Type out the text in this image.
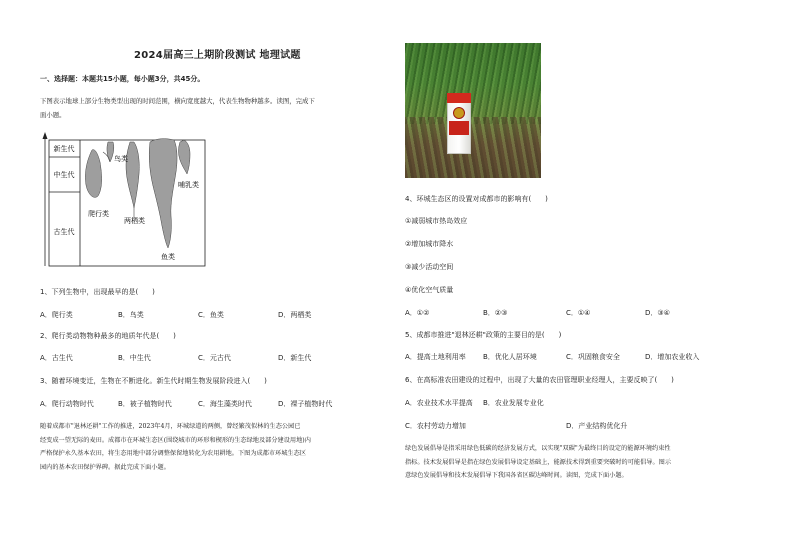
2024届高三上期阶段测试 地理试题
一、选择题：本题共15小题，每小题3分，共45分。
下图表示地球上部分生物类型出现的时间范围，横向宽度越大，代表生物物种越多。读图，完成下
面小题。
新生代
中生代
古生代
鸟类
哺乳类
爬行类
两栖类
鱼类
1、下列生物中，出现最早的是(　　)
A．爬行类	B．鸟类	C．鱼类	D．两栖类
2、爬行类动物物种最多的地质年代是(　　)
A．古生代	B．中生代	C．元古代	D．新生代
3、随着环境变迁，生物在不断进化。新生代时期生物发展阶段进入(　　)
A．爬行动物时代	B．被子植物时代	C．海生藻类时代	D．裸子植物时代
随着成都市"退林还耕"工作的推进，2023年4月，环城绿道的两侧，曾经繁茂似林的生态公园已
经变成一望无际的麦田。成都市在环城生态区(围绕城市的环形和楔形的生态绿地及部分建设用地)内
严格保护永久基本农田，将生态用地中部分调整保留地转化为农用耕地。下图为成都市环城生态区
园内的基本农田保护界碑。据此完成下面小题。
4、环城生态区的设置对成都市的影响有(　　)
①减弱城市热岛效应
②增加城市降水
③减少活动空间
④优化空气质量
A．①②	B．②③	C．①④	D．③④
5、成都市推进"退林还耕"政策的主要目的是(　　)
A．提高土地利用率 B．优化人居环境	C．巩固粮食安全	D．增加农业收入
6、在高标准农田建设的过程中，出现了大量的农田管理职业经理人，主要反映了(　　)
A．农业技术水平提高 B．农业发展专业化
C．农村劳动力增加	D．产业结构优化升
绿色发展倡导是指采用绿色低碳的经济发展方式，以实现"双碳"为最终目的设定的能源环境约束性
指标。技术发展倡导是指在绿色发展倡导设定基础上，能源技术得到重要突破时的可能倡导。图示
意绿色发展倡导和技术发展倡导下我国各省区碳达峰时间。读图，完成下面小题。
